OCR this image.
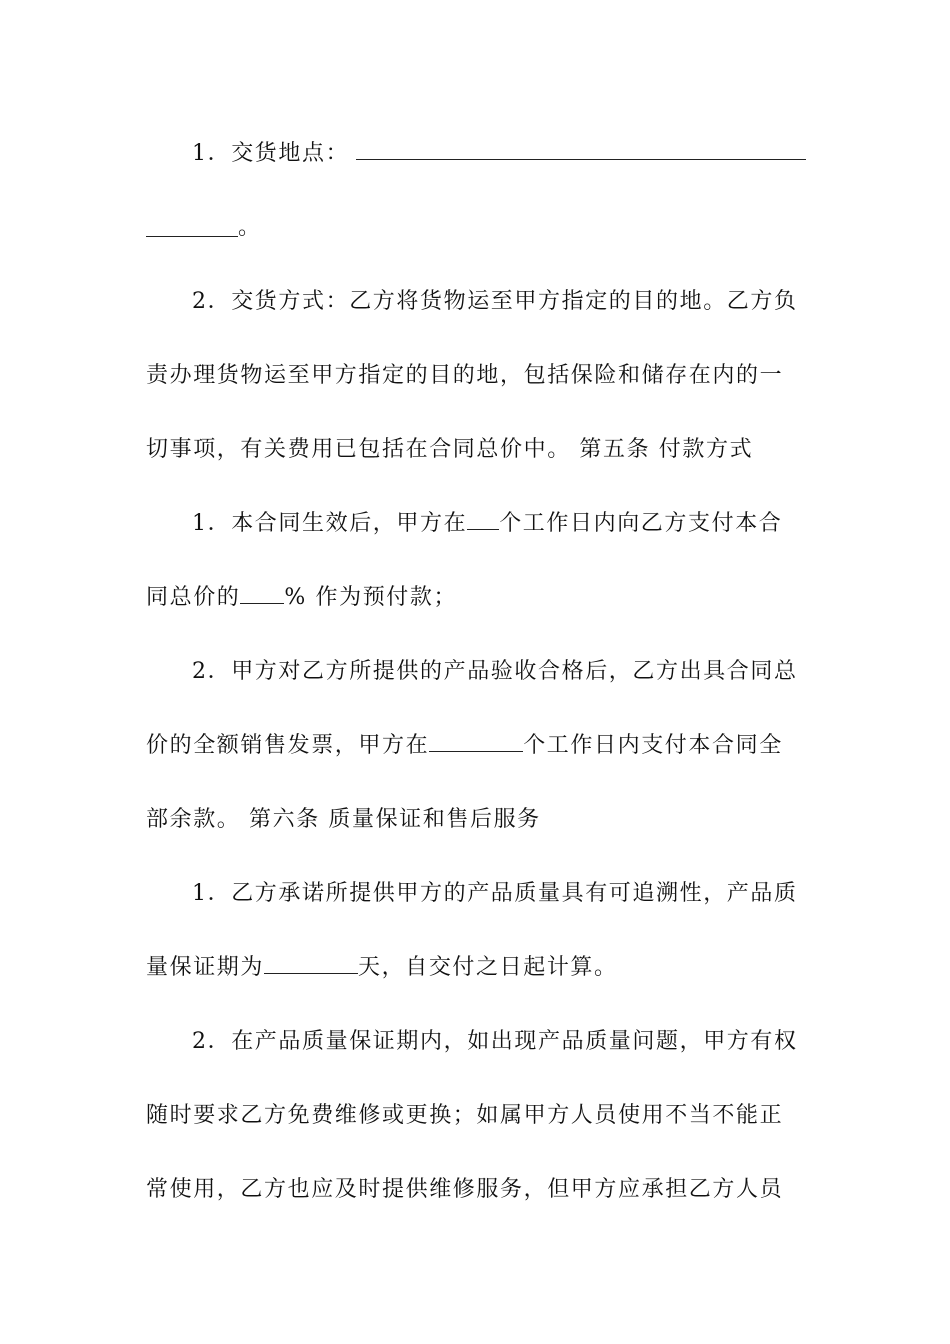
1．交货地点：
。
2．交货方式：乙方将货物运至甲方指定的目的地。乙方负
责办理货物运至甲方指定的目的地，包括保险和储存在内的一
切事项，有关费用已包括在合同总价中。 第五条 付款方式
1．本合同生效后，甲方在 个工作日内向乙方支付本合
同总价的 % 作为预付款；
2．甲方对乙方所提供的产品验收合格后，乙方出具合同总
价的全额销售发票，甲方在	个工作日内支付本合同全
部余款。 第六条 质量保证和售后服务
1．乙方承诺所提供甲方的产品质量具有可追溯性，产品质
量保证期为	天，自交付之日起计算。
2．在产品质量保证期内，如出现产品质量问题，甲方有权
随时要求乙方免费维修或更换；如属甲方人员使用不当不能正
常使用，乙方也应及时提供维修服务，但甲方应承担乙方人员
